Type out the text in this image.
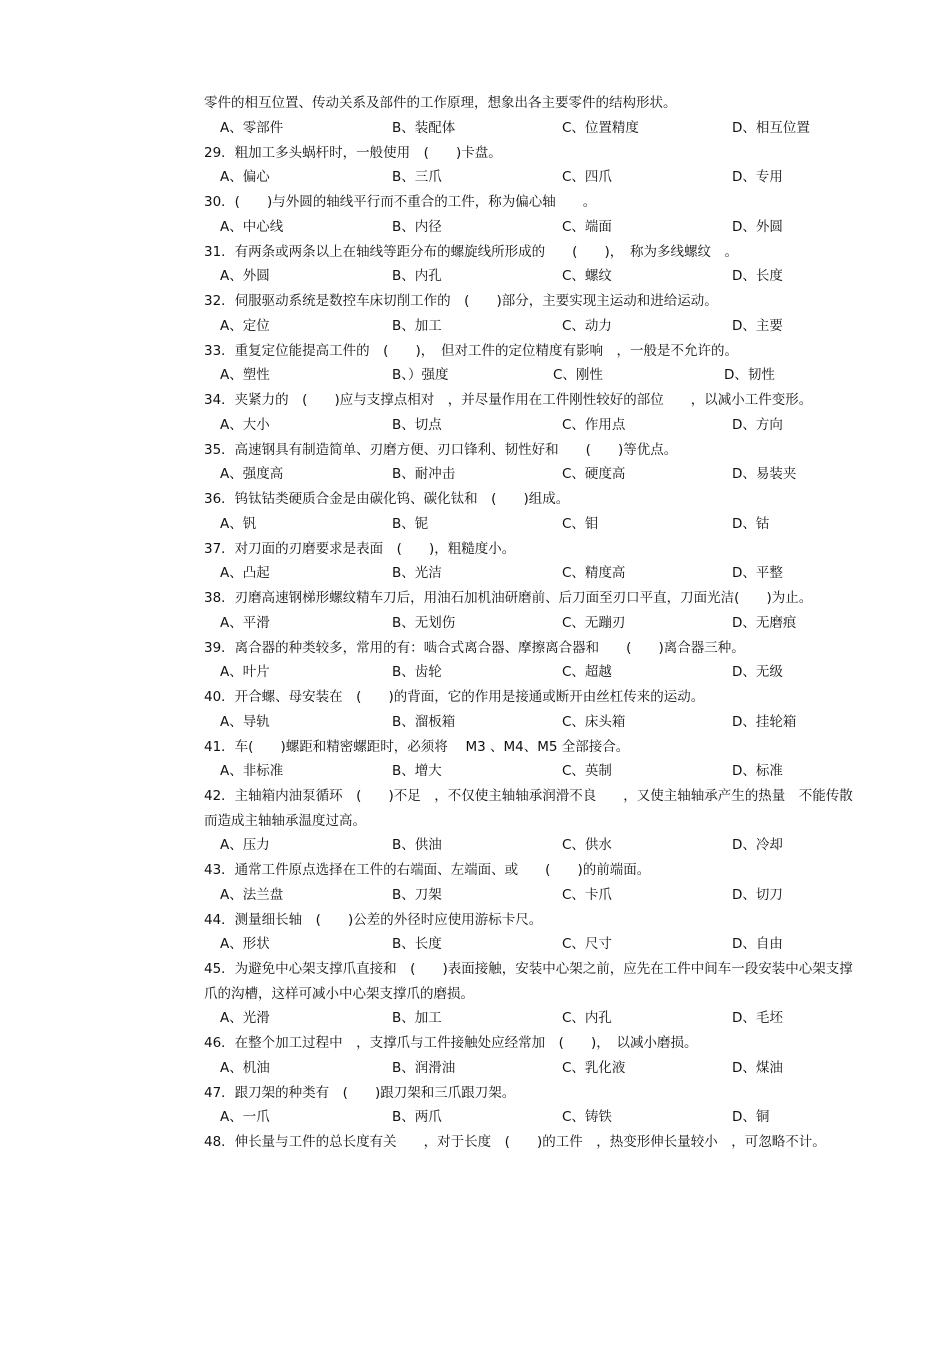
零件的相互位置、传动关系及部件的工作原理，想象出各主要零件的结构形状。

A、零部件	B、装配体	C、位置精度	D、相互位置

29．粗加工多头蜗杆时，一般使用　(　　)卡盘。

A、偏心	B、三爪	C、四爪	D、专用

30．(　　)与外圆的轴线平行而不重合的工件，称为偏心轴　　。

A、中心线	B、内径	C、端面	D、外圆

31．有两条或两条以上在轴线等距分布的螺旋线所形成的　　(　　)，　称为多线螺纹　。

A、外圆	B、内孔	C、螺纹	D、长度

32．伺服驱动系统是数控车床切削工作的　(　　)部分，主要实现主运动和进给运动。

A、定位	B、加工	C、动力	D、主要

33．重复定位能提高工件的　(　　)，　但对工件的定位精度有影响　，一般是不允许的。

A、塑性	B、）强度	C、刚性	D、韧性

34．夹紧力的　(　　)应与支撑点相对　，并尽量作用在工件刚性较好的部位　　，以减小工件变形。

A、大小	B、切点	C、作用点	D、方向

35．高速钢具有制造简单、刃磨方便、刃口锋利、韧性好和　　(　　)等优点。

A、强度高	B、耐冲击	C、硬度高	D、易装夹

36．钨钛钴类硬质合金是由碳化钨、碳化钛和　(　　)组成。

A、钒	B、铌	C、钼	D、钴

37．对刀面的刃磨要求是表面　(　　)，粗糙度小。

A、凸起	B、光洁	C、精度高	D、平整

38．刃磨高速钢梯形螺纹精车刀后，用油石加机油研磨前、后刀面至刃口平直，刀面光洁(　　)为止。

A、平滑	B、无划伤	C、无蹦刃	D、无磨痕

39．离合器的种类较多，常用的有：啮合式离合器、摩擦离合器和　　(　　)离合器三种。

A、叶片	B、齿轮	C、超越	D、无级

40．开合螺、母安装在　(　　)的背面，它的作用是接通或断开由丝杠传来的运动。

A、导轨	B、溜板箱	C、床头箱	D、挂轮箱

41．车(　　)螺距和精密螺距时，必须将　 M3 、M4、M5 全部接合。

A、非标准	B、增大	C、英制	D、标准

42．主轴箱内油泵循环　(　　)不足　，不仅使主轴轴承润滑不良　　，又使主轴轴承产生的热量　不能传散而造成主轴轴承温度过高。

A、压力	B、供油	C、供水	D、冷却

43．通常工件原点选择在工件的右端面、左端面、或　　(　　)的前端面。

A、法兰盘	B、刀架	C、卡爪	D、切刀

44．测量细长轴　(　　)公差的外径时应使用游标卡尺。

A、形状	B、长度	C、尺寸	D、自由

45．为避免中心架支撑爪直接和　(　　)表面接触，安装中心架之前，应先在工件中间车一段安装中心架支撑爪的沟槽，这样可减小中心架支撑爪的磨损。

A、光滑	B、加工	C、内孔	D、毛坯

46．在整个加工过程中　，支撑爪与工件接触处应经常加　(　　)，　以减小磨损。

A、机油	B、润滑油	C、乳化液	D、煤油

47．跟刀架的种类有　(　　)跟刀架和三爪跟刀架。

A、一爪	B、两爪	C、铸铁	D、铜

48．伸长量与工件的总长度有关　　，对于长度　(　　)的工件　，热变形伸长量较小　，可忽略不计。
